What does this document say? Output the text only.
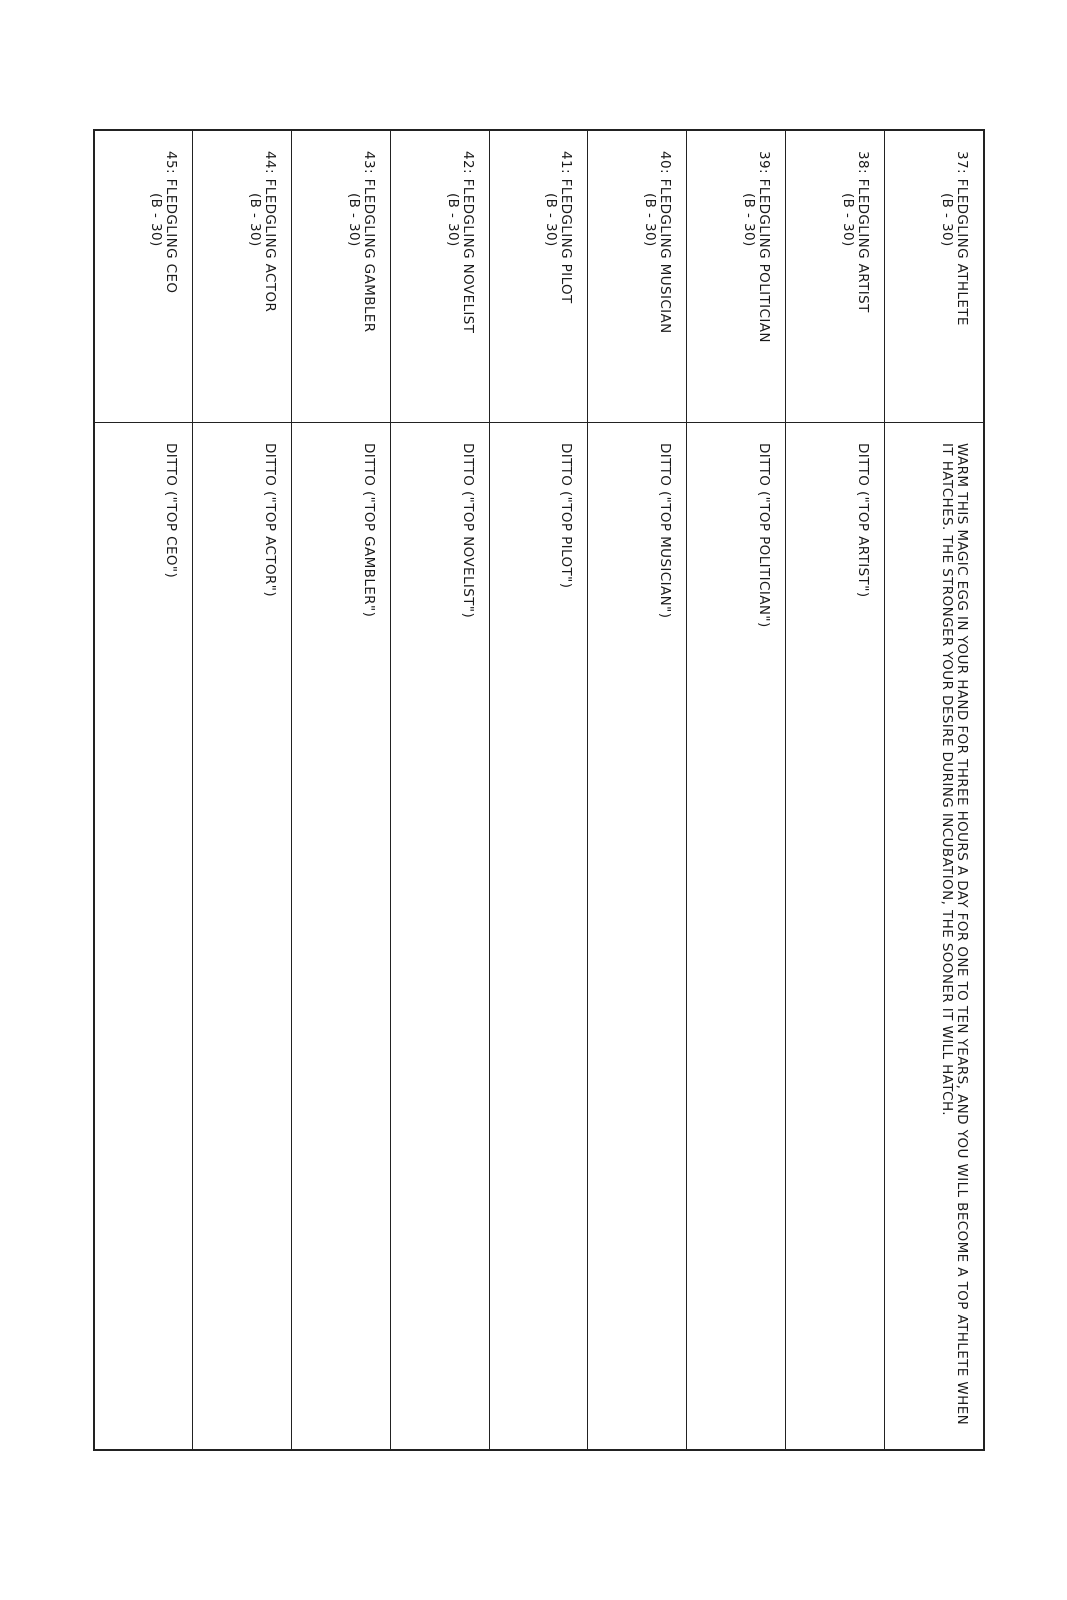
37: FLEDGLING ATHLETE
(B - 30)
WARM THIS MAGIC EGG IN YOUR HAND FOR THREE HOURS A DAY FOR ONE TO TEN YEARS, AND YOU WILL BECOME A TOP ATHLETE WHEN IT HATCHES. THE STRONGER YOUR DESIRE DURING INCUBATION, THE SOONER IT WILL HATCH.
38: FLEDGLING ARTIST
(B - 30)
DITTO ("TOP ARTIST")
39: FLEDGLING POLITICIAN
(B - 30)
DITTO ("TOP POLITICIAN")
40: FLEDGLING MUSICIAN
(B - 30)
DITTO ("TOP MUSICIAN")
41: FLEDGLING PILOT
(B - 30)
DITTO ("TOP PILOT")
42: FLEDGLING NOVELIST
(B - 30)
DITTO ("TOP NOVELIST")
43: FLEDGLING GAMBLER
(B - 30)
DITTO ("TOP GAMBLER")
44: FLEDGLING ACTOR
(B - 30)
DITTO ("TOP ACTOR")
45: FLEDGLING CEO
(B - 30)
DITTO ("TOP CEO")
